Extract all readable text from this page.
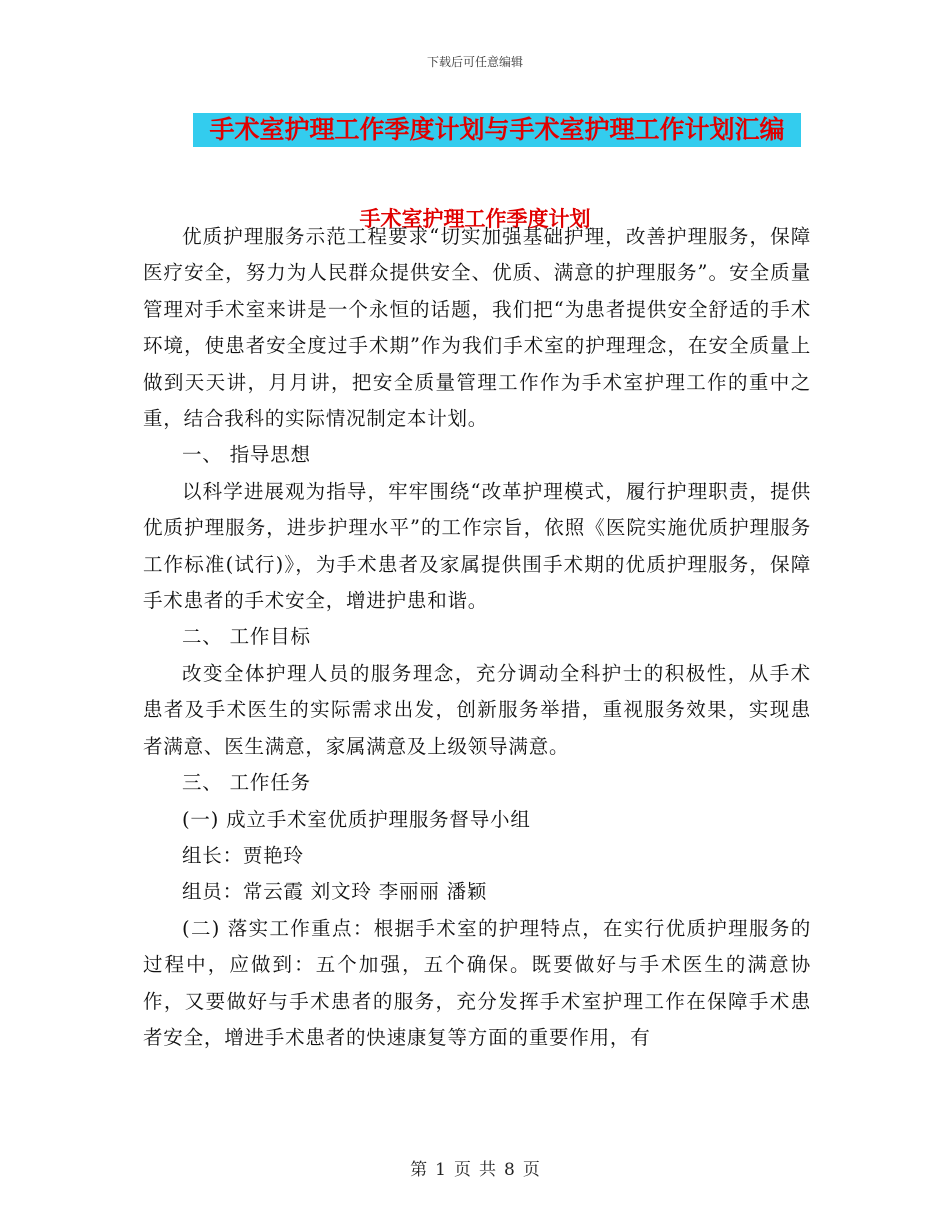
下载后可任意编辑
手术室护理工作季度计划与手术室护理工作计划汇编
手术室护理工作季度计划

优质护理服务示范工程要求“切实加强基础护理，改善护理服务，保障医疗安全，努力为人民群众提供安全、优质、满意的护理服务”。安全质量管理对手术室来讲是一个永恒的话题，我们把“为患者提供安全舒适的手术环境，使患者安全度过手术期”作为我们手术室的护理理念，在安全质量上做到天天讲，月月讲，把安全质量管理工作作为手术室护理工作的重中之重，结合我科的实际情况制定本计划。

一、 指导思想

以科学进展观为指导，牢牢围绕“改革护理模式，履行护理职责，提供优质护理服务，进步护理水平”的工作宗旨，依照《医院实施优质护理服务工作标准(试行)》，为手术患者及家属提供围手术期的优质护理服务，保障手术患者的手术安全，增进护患和谐。

二、 工作目标

改变全体护理人员的服务理念，充分调动全科护士的积极性，从手术患者及手术医生的实际需求出发，创新服务举措，重视服务效果，实现患者满意、医生满意，家属满意及上级领导满意。

三、 工作任务

(一) 成立手术室优质护理服务督导小组

组长：贾艳玲

组员：常云霞 刘文玲 李丽丽 潘颖

(二) 落实工作重点：根据手术室的护理特点，在实行优质护理服务的过程中，应做到：五个加强，五个确保。既要做好与手术医生的满意协作，又要做好与手术患者的服务，充分发挥手术室护理工作在保障手术患者安全，增进手术患者的快速康复等方面的重要作用，有

第 1 页 共 8 页
